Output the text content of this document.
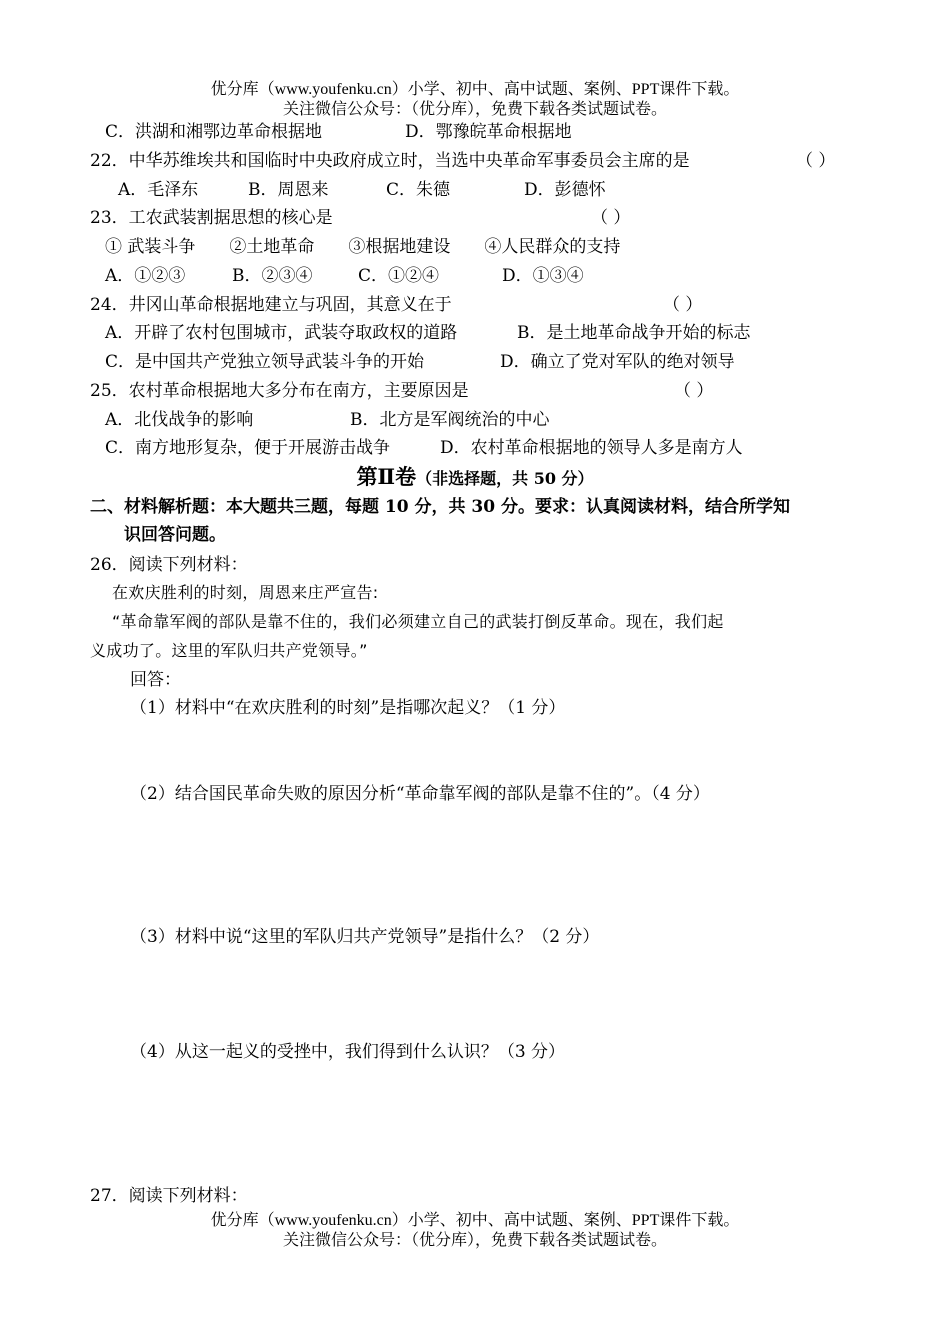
优分库（www.youfenku.cn）小学、初中、高中试题、案例、PPT课件下载。
关注微信公众号：（优分库），免费下载各类试题试卷。
C．洪湖和湘鄂边革命根据地	D．鄂豫皖革命根据地
22．中华苏维埃共和国临时中央政府成立时，当选中央革命军事委员会主席的是	（ ）
A．毛泽东	B．周恩来	C．朱德	D．彭德怀
23．工农武装割据思想的核心是	（ ）
① 武装斗争　　②土地革命　　③根据地建设　　④人民群众的支持
A．①②③	B．②③④	C．①②④	D．①③④
24．井冈山革命根据地建立与巩固，其意义在于	（ ）
A．开辟了农村包围城市，武装夺取政权的道路	B．是土地革命战争开始的标志
C．是中国共产党独立领导武装斗争的开始	D．确立了党对军队的绝对领导
25．农村革命根据地大多分布在南方，主要原因是	（ ）
A．北伐战争的影响	B．北方是军阀统治的中心
C．南方地形复杂，便于开展游击战争	D．农村革命根据地的领导人多是南方人
第Ⅱ卷（非选择题，共 50 分）
二、材料解析题：本大题共三题，每题 10 分，共 30 分。要求：认真阅读材料，结合所学知
识回答问题。
26．阅读下列材料：
在欢庆胜利的时刻，周恩来庄严宣告:
“革命靠军阀的部队是靠不住的，我们必须建立自己的武装打倒反革命。现在，我们起
义成功了。这里的军队归共产党领导。”
回答：
（1）材料中“在欢庆胜利的时刻”是指哪次起义？（1 分）
（2）结合国民革命失败的原因分析“革命靠军阀的部队是靠不住的”。（4 分）
（3）材料中说“这里的军队归共产党领导”是指什么？（2 分）
（4）从这一起义的受挫中，我们得到什么认识？（3 分）
27．阅读下列材料：
优分库（www.youfenku.cn）小学、初中、高中试题、案例、PPT课件下载。
关注微信公众号：（优分库），免费下载各类试题试卷。
